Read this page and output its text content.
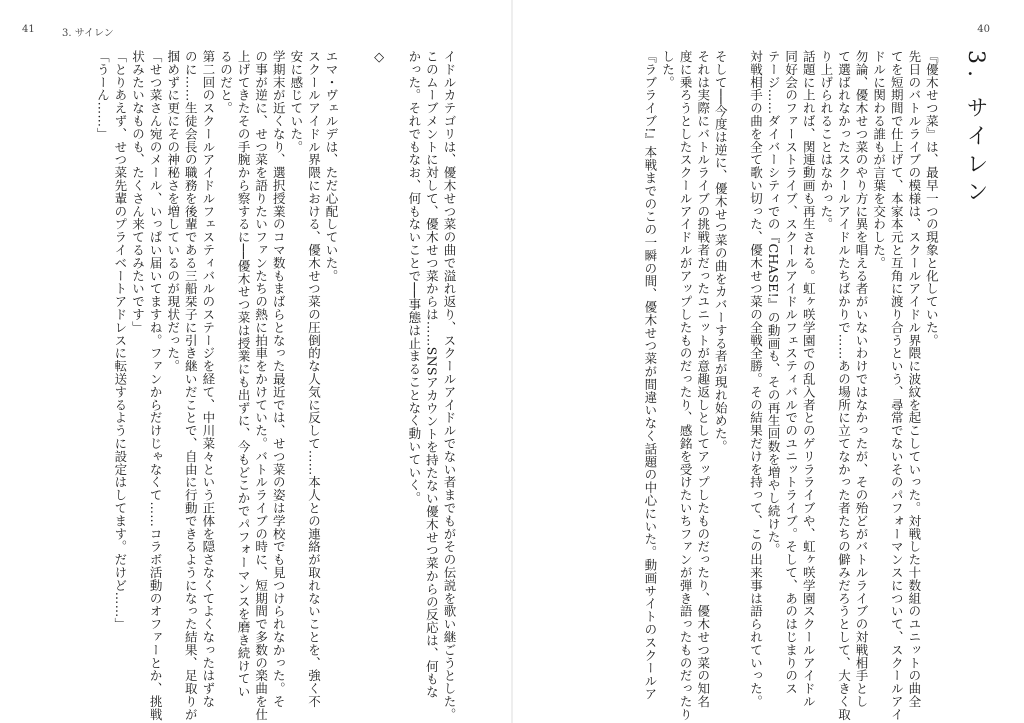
41	3. サイレン
イドルカテゴリは、優木せつ菜の曲で溢れ返り、スクールアイドルでない者までもがその伝説を歌い継ごうとした。
このムーブメントに対して、優木せつ菜からは……SNSアカウントを持たない優木せつ菜からの反応は、何もな
かった。それでもなお、何もないことで──事態は止まることなく動いていく。
◇
エマ・ヴェルデは、ただ心配していた。
スクールアイドル界隈における、優木せつ菜の圧倒的な人気に反して……本人との連絡が取れないことを、強く不
安に感じていた。
学期末が近くなり、選択授業のコマ数もまばらとなった最近では、せつ菜の姿は学校でも見つけられなかった。そ
の事が逆に、せつ菜を語りたいファンたちの熱に拍車をかけていた。バトルライブの時に、短期間で多数の楽曲を仕
上げてきたその手腕から察するに──優木せつ菜は授業にも出ずに、今もどこかでパフォーマンスを磨き続けてい
るのだと。
第二回のスクールアイドルフェスティバルのステージを経て、中川菜々という正体を隠さなくてよくなったはずな
のに……生徒会長の職務を後輩である三船栞子に引き継いだことで、自由に行動できるようになった結果、足取りが
掴めずに更にその神秘さを増しているのが現状だった。
「せつ菜さん宛のメール、いっぱい届いてますね。ファンからだけじゃなくて……コラボ活動のオファーとか、挑戦
状みたいなものも、たくさん来てるみたいです」
「とりあえず、せつ菜先輩のプライベートアドレスに転送するように設定はしてます。だけど……」
「うーん……」
40
3. サイレン
『優木せつ菜』は、最早一つの現象と化していた。
先日のバトルライブの模様は、スクールアイドル界隈に波紋を起こしていった。対戦した十数組のユニットの曲全
てを短期間で仕上げて、本家本元と互角に渡り合うという、尋常でないそのパフォーマンスについて、スクールアイ
ドルに関わる誰もが言葉を交わした。
勿論、優木せつ菜のやり方に異を唱える者がいないわけではなかったが、その殆どがバトルライブの対戦相手とし
て選ばれなかったスクールアイドルたちばかりで……あの場所に立てなかった者たちの僻みだろうとして、大きく取
り上げられることはなかった。
話題に上れば、関連動画も再生される。虹ヶ咲学園での乱入者とのゲリラライブや、虹ヶ咲学園スクールアイドル
同好会のファーストライブ、スクールアイドルフェスティバルでのユニットライブ。そして、あのはじまりのス
テージ……ダイバーシティでの『CHASE!』の動画も、その再生回数を増やし続けた。
対戦相手の曲を全て歌い切った、優木せつ菜の全戦全勝。その結果だけを持って、この出来事は語られていった。
そして──今度は逆に、優木せつ菜の曲をカバーする者が現れ始めた。
それは実際にバトルライブの挑戦者だったユニットが意趣返しとしてアップしたものだったり、優木せつ菜の知名
度に乗ろうとしたスクールアイドルがアップしたものだったり、感銘を受けたいちファンが弾き語ったものだったり
した。
『ラブライブ!』本戦までのこの一瞬の間、優木せつ菜が間違いなく話題の中心にいた。動画サイトのスクールア
